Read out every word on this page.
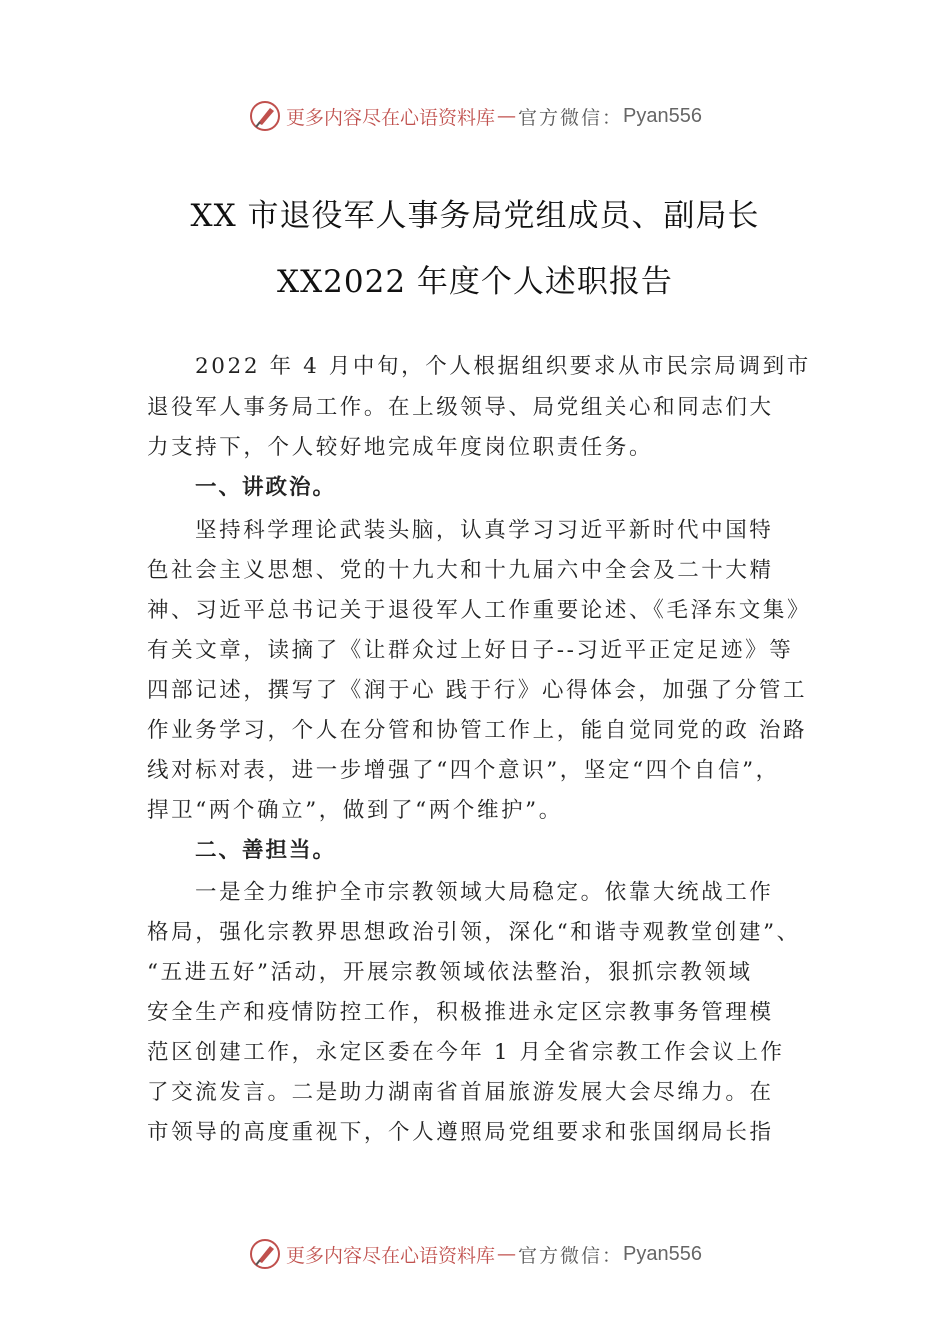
更多内容尽在心语资料库 — 官方微信： Pyan556
XX 市退役军人事务局党组成员、副局长
XX2022 年度个人述职报告
2022 年 4 月中旬，个人根据组织要求从市民宗局调到市
退役军人事务局工作。在上级领导、局党组关心和同志们大
力支持下，个人较好地完成年度岗位职责任务。
一、讲政治。
坚持科学理论武装头脑，认真学习习近平新时代中国特
色社会主义思想、党的十九大和十九届六中全会及二十大精
神、习近平总书记关于退役军人工作重要论述、《毛泽东文集》
有关文章，读摘了《让群众过上好日子--习近平正定足迹》等
四部记述，撰写了《润于心 践于行》心得体会，加强了分管工
作业务学习，个人在分管和协管工作上，能自觉同党的政 治路
线对标对表，进一步增强了“四个意识”，坚定“四个自信”，
捍卫“两个确立”，做到了“两个维护”。
二、善担当。
一是全力维护全市宗教领域大局稳定。依靠大统战工作
格局，强化宗教界思想政治引领，深化“和谐寺观教堂创建”、
“五进五好”活动，开展宗教领域依法整治，狠抓宗教领域
安全生产和疫情防控工作，积极推进永定区宗教事务管理模
范区创建工作，永定区委在今年 1 月全省宗教工作会议上作
了交流发言。二是助力湖南省首届旅游发展大会尽绵力。在
市领导的高度重视下，个人遵照局党组要求和张国纲局长指
更多内容尽在心语资料库 — 官方微信： Pyan556
